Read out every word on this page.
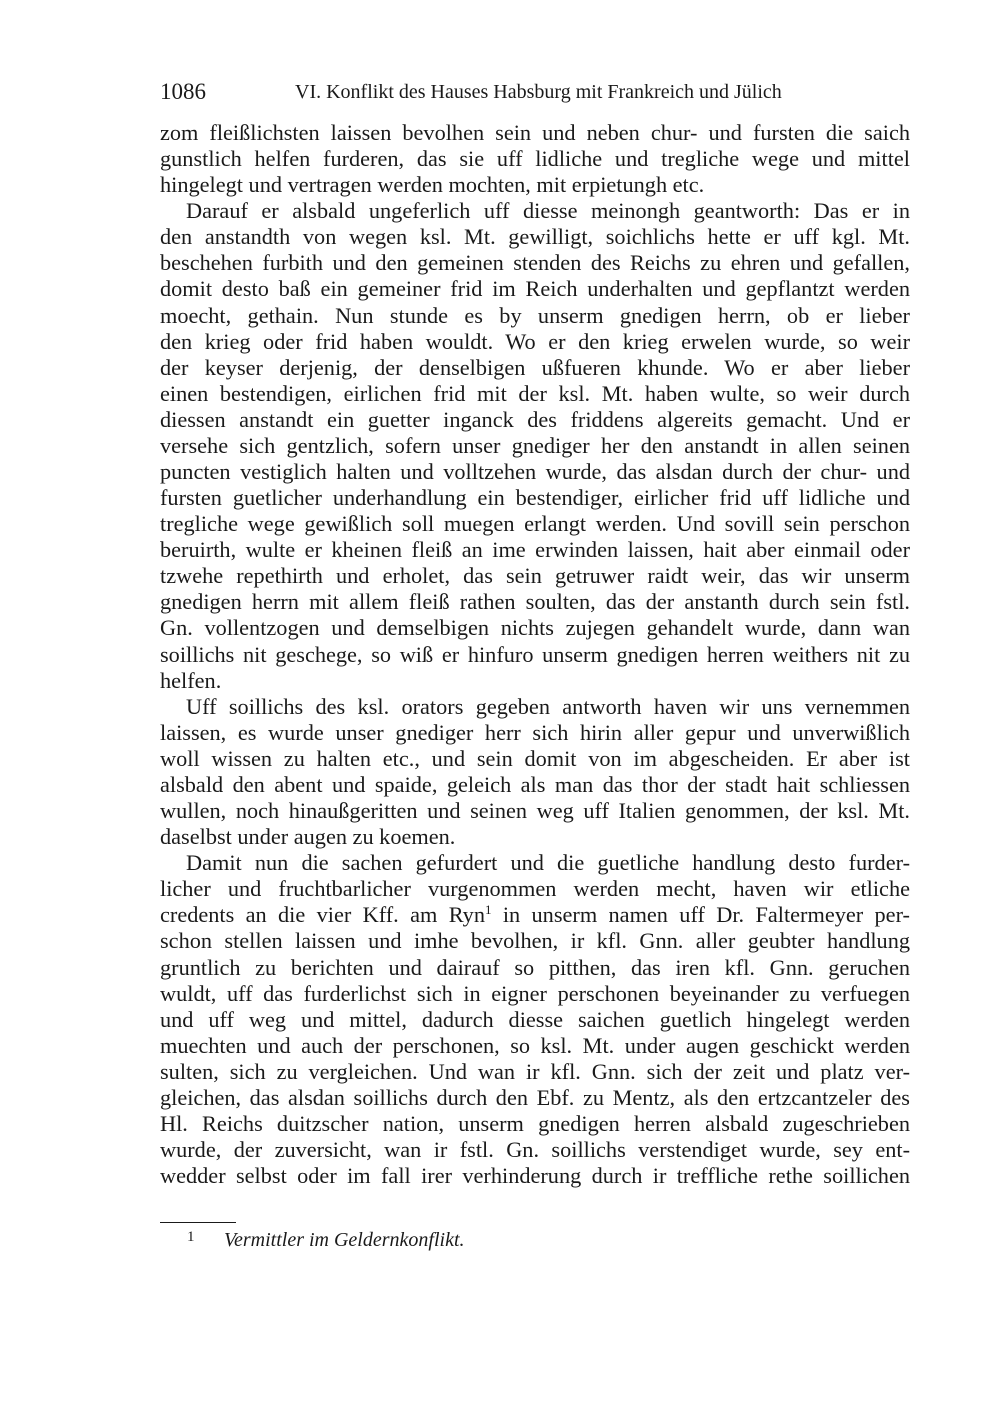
1086	VI. Konflikt des Hauses Habsburg mit Frankreich und Jülich

zom fleißlichsten laissen bevolhen sein und neben chur- und fursten die saich

gunstlich helfen furderen, das sie uff lidliche und tregliche wege und mittel

hingelegt und vertragen werden mochten, mit erpietungh etc.

Darauf er alsbald ungeferlich uff diesse meinongh geantworth: Das er in

den anstandth von wegen ksl. Mt. gewilligt, soichlichs hette er uff kgl. Mt.

beschehen furbith und den gemeinen stenden des Reichs zu ehren und gefallen,

domit desto baß ein gemeiner frid im Reich underhalten und gepflantzt werden

moecht, gethain. Nun stunde es by unserm gnedigen herrn, ob er lieber

den krieg oder frid haben wouldt. Wo er den krieg erwelen wurde, so weir

der keyser derjenig, der denselbigen ußfueren khunde. Wo er aber lieber

einen bestendigen, eirlichen frid mit der ksl. Mt. haben wulte, so weir durch

diessen anstandt ein guetter inganck des friddens algereits gemacht. Und er

versehe sich gentzlich, sofern unser gnediger her den anstandt in allen seinen

puncten vestiglich halten und volltzehen wurde, das alsdan durch der chur- und

fursten guetlicher underhandlung ein bestendiger, eirlicher frid uff lidliche und

tregliche wege gewißlich soll muegen erlangt werden. Und sovill sein perschon

beruirth, wulte er kheinen fleiß an ime erwinden laissen, hait aber einmail oder

tzwehe repethirth und erholet, das sein getruwer raidt weir, das wir unserm

gnedigen herrn mit allem fleiß rathen soulten, das der anstanth durch sein fstl.

Gn. vollentzogen und demselbigen nichts zujegen gehandelt wurde, dann wan

soillichs nit geschege, so wiß er hinfuro unserm gnedigen herren weithers nit zu

helfen.

Uff soillichs des ksl. orators gegeben antworth haven wir uns vernemmen

laissen, es wurde unser gnediger herr sich hirin aller gepur und unverwißlich

woll wissen zu halten etc., und sein domit von im abgescheiden. Er aber ist

alsbald den abent und spaide, geleich als man das thor der stadt hait schliessen

wullen, noch hinaußgeritten und seinen weg uff Italien genommen, der ksl. Mt.

daselbst under augen zu koemen.

Damit nun die sachen gefurdert und die guetliche handlung desto furder-

licher und fruchtbarlicher vurgenommen werden mecht, haven wir etliche

credents an die vier Kff. am Ryn$^1$ in unserm namen uff Dr. Faltermeyer per-

schon stellen laissen und imhe bevolhen, ir kfl. Gnn. aller geubter handlung

gruntlich zu berichten und dairauf so pitthen, das iren kfl. Gnn. geruchen

wuldt, uff das furderlichst sich in eigner perschonen beyeinander zu verfuegen

und uff weg und mittel, dadurch diesse saichen guetlich hingelegt werden

muechten und auch der perschonen, so ksl. Mt. under augen geschickt werden

sulten, sich zu vergleichen. Und wan ir kfl. Gnn. sich der zeit und platz ver-

gleichen, das alsdan soillichs durch den Ebf. zu Mentz, als den ertzcantzeler des

Hl. Reichs duitzscher nation, unserm gnedigen herren alsbald zugeschrieben

wurde, der zuversicht, wan ir fstl. Gn. soillichs verstendiget wurde, sey ent-

wedder selbst oder im fall irer verhinderung durch ir treffliche rethe soillichen

1 Vermittler im Geldernkonflikt.
